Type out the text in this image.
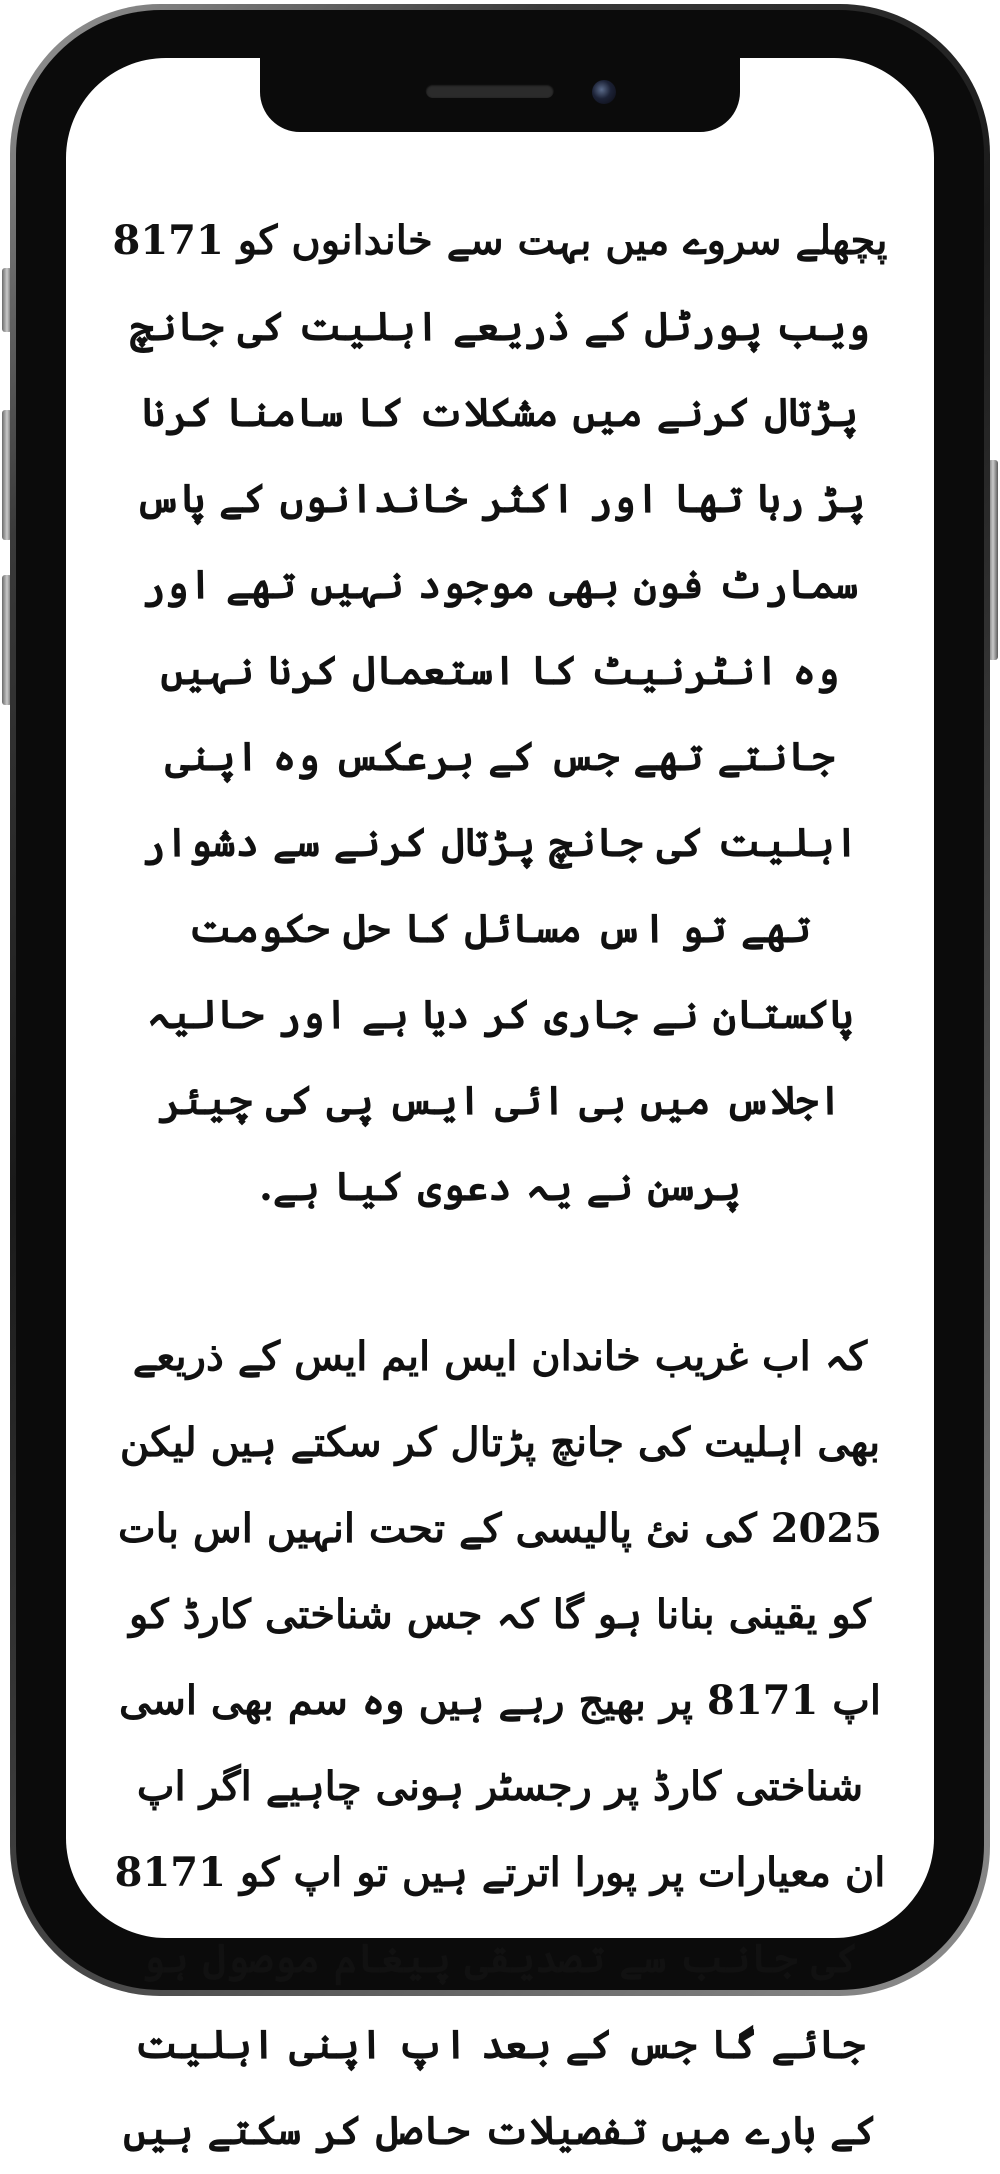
پچھلے سروے میں بہت سے خاندانوں کو 8171 ویب پورٹل کے ذریعے اہلیت کی جانچ پڑتال کرنے میں مشکلات کا سامنا کرنا پڑ رہا تھا اور اکثر خاندانوں کے پاس سمارٹ فون بھی موجود نہیں تھے اور وہ انٹرنیٹ کا استعمال کرنا نہیں جانتے تھے جس کے برعکس وہ اپنی اہلیت کی جانچ پڑتال کرنے سے دشوار تھے تو اس مسائل کا حل حکومت پاکستان نے جاری کر دیا ہے اور حالیہ اجلاس میں بی ائی ایس پی کی چیئر پرسن نے یہ دعوی کیا ہے.

کہ اب غریب خاندان ایس ایم ایس کے ذریعے بھی اہلیت کی جانچ پڑتال کر سکتے ہیں لیکن 2025 کی نئ پالیسی کے تحت انہیں اس بات کو یقینی بنانا ہو گا کہ جس شناختی کارڈ کو اپ 8171 پر بھیج رہے ہیں وہ سم بھی اسی شناختی کارڈ پر رجسٹر ہونی چاہیے اگر اپ ان معیارات پر پورا اترتے ہیں تو اپ کو 8171 کی جانب سے تصدیقی پیغام موصول ہو جائے گا جس کے بعد اپ اپنی اہلیت کے بارے میں تفصیلات حاصل کر سکتے ہیں
